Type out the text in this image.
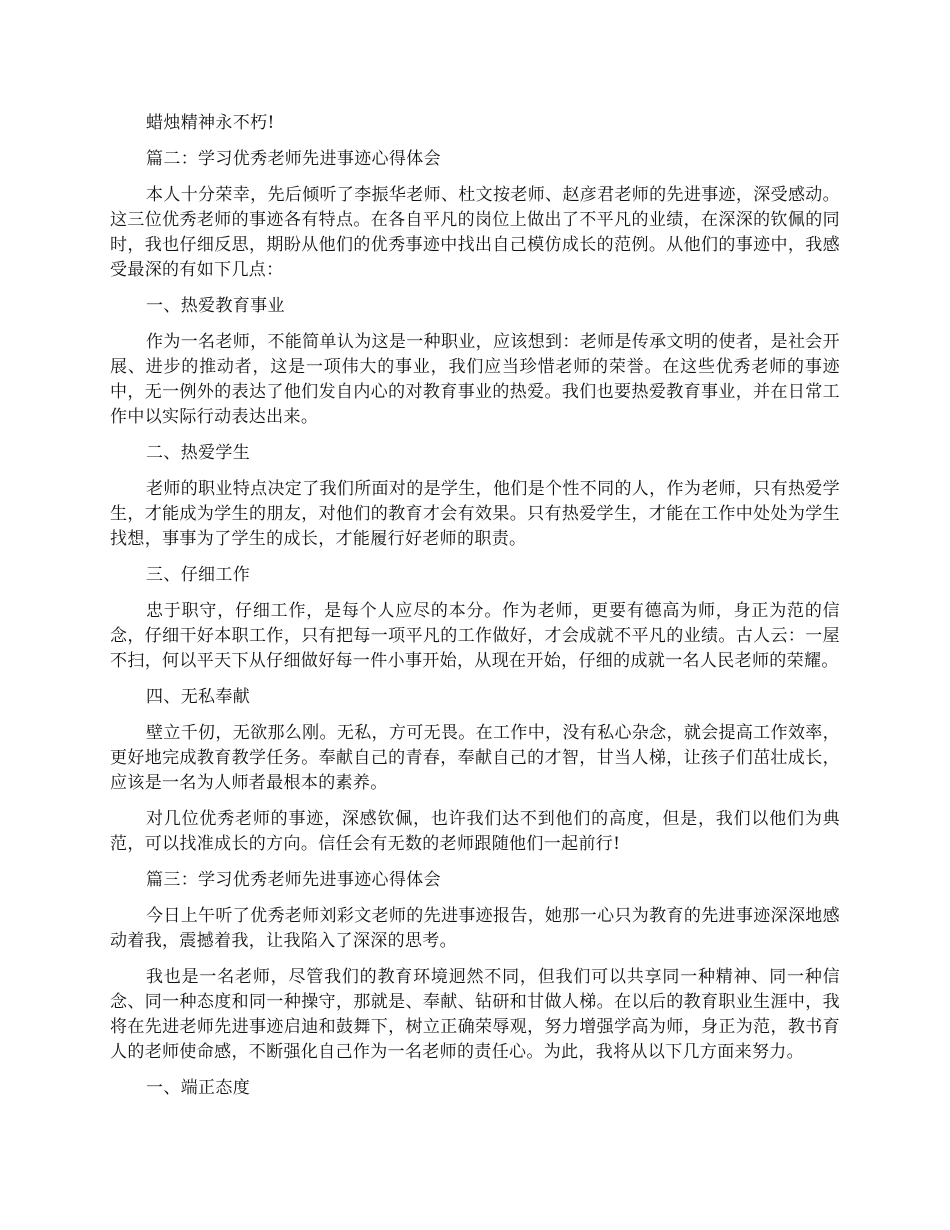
蜡烛精神永不朽!

篇二：学习优秀老师先进事迹心得体会

本人十分荣幸，先后倾听了李振华老师、杜文按老师、赵彦君老师的先进事迹，深受感动。这三位优秀老师的事迹各有特点。在各自平凡的岗位上做出了不平凡的业绩，在深深的钦佩的同时，我也仔细反思，期盼从他们的优秀事迹中找出自己模仿成长的范例。从他们的事迹中，我感受最深的有如下几点：

一、热爱教育事业

作为一名老师，不能简单认为这是一种职业，应该想到：老师是传承文明的使者，是社会开展、进步的推动者，这是一项伟大的事业，我们应当珍惜老师的荣誉。在这些优秀老师的事迹中，无一例外的表达了他们发自内心的对教育事业的热爱。我们也要热爱教育事业，并在日常工作中以实际行动表达出来。

二、热爱学生

老师的职业特点决定了我们所面对的是学生，他们是个性不同的人，作为老师，只有热爱学生，才能成为学生的朋友，对他们的教育才会有效果。只有热爱学生，才能在工作中处处为学生找想，事事为了学生的成长，才能履行好老师的职责。

三、仔细工作

忠于职守，仔细工作，是每个人应尽的本分。作为老师，更要有德高为师，身正为范的信念，仔细干好本职工作，只有把每一项平凡的工作做好，才会成就不平凡的业绩。古人云：一屋不扫，何以平天下从仔细做好每一件小事开始，从现在开始，仔细的成就一名人民老师的荣耀。

四、无私奉献

壁立千仞，无欲那么刚。无私，方可无畏。在工作中，没有私心杂念，就会提高工作效率，更好地完成教育教学任务。奉献自己的青春，奉献自己的才智，甘当人梯，让孩子们茁壮成长，应该是一名为人师者最根本的素养。

对几位优秀老师的事迹，深感钦佩，也许我们达不到他们的高度，但是，我们以他们为典范，可以找准成长的方向。信任会有无数的老师跟随他们一起前行!

篇三：学习优秀老师先进事迹心得体会

今日上午听了优秀老师刘彩文老师的先进事迹报告，她那一心只为教育的先进事迹深深地感动着我，震撼着我，让我陷入了深深的思考。

我也是一名老师，尽管我们的教育环境迥然不同，但我们可以共享同一种精神、同一种信念、同一种态度和同一种操守，那就是、奉献、钻研和甘做人梯。在以后的教育职业生涯中，我将在先进老师先进事迹启迪和鼓舞下，树立正确荣辱观，努力增强学高为师，身正为范，教书育人的老师使命感，不断强化自己作为一名老师的责任心。为此，我将从以下几方面来努力。

一、端正态度
